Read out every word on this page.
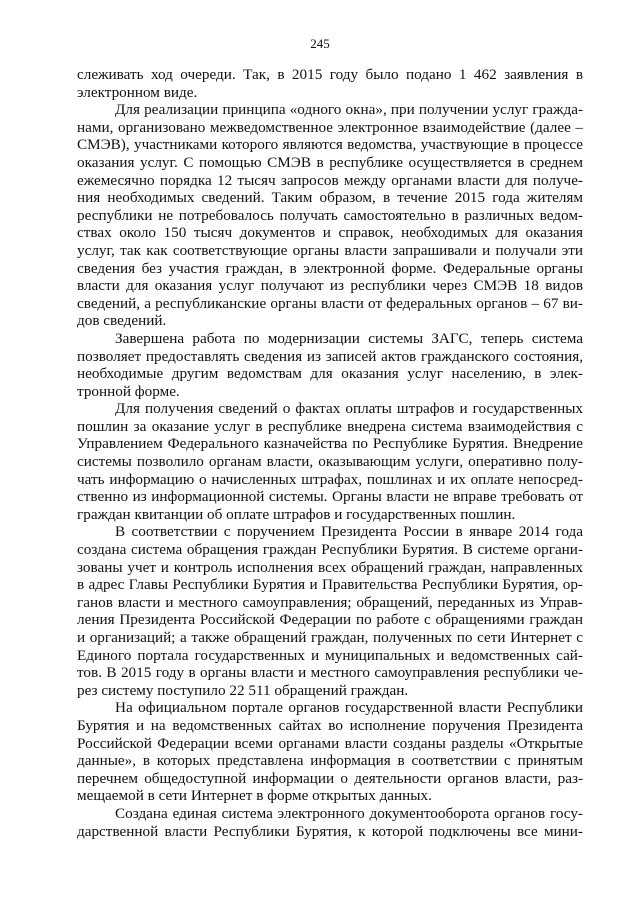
245
слеживать ход очереди. Так, в 2015 году было подано 1 462 заявления в
электронном виде.
Для реализации принципа «одного окна», при получении услуг гражда-
нами, организовано межведомственное электронное взаимодействие (далее –
СМЭВ), участниками которого являются ведомства, участвующие в процессе
оказания услуг. С помощью СМЭВ в республике осуществляется в среднем
ежемесячно порядка 12 тысяч запросов между органами власти для получе-
ния необходимых сведений. Таким образом, в течение 2015 года жителям
республики не потребовалось получать самостоятельно в различных ведом-
ствах около 150 тысяч документов и справок, необходимых для оказания
услуг, так как соответствующие органы власти запрашивали и получали эти
сведения без участия граждан, в электронной форме. Федеральные органы
власти для оказания услуг получают из республики через СМЭВ 18 видов
сведений, а республиканские органы власти от федеральных органов – 67 ви-
дов сведений.
Завершена работа по модернизации системы ЗАГС, теперь система
позволяет предоставлять сведения из записей актов гражданского состояния,
необходимые другим ведомствам для оказания услуг населению, в элек-
тронной форме.
Для получения сведений о фактах оплаты штрафов и государственных
пошлин за оказание услуг в республике внедрена система взаимодействия с
Управлением Федерального казначейства по Республике Бурятия. Внедрение
системы позволило органам власти, оказывающим услуги, оперативно полу-
чать информацию о начисленных штрафах, пошлинах и их оплате непосред-
ственно из информационной системы. Органы власти не вправе требовать от
граждан квитанции об оплате штрафов и государственных пошлин.
В соответствии с поручением Президента России в январе 2014 года
создана система обращения граждан Республики Бурятия. В системе органи-
зованы учет и контроль исполнения всех обращений граждан, направленных
в адрес Главы Республики Бурятия и Правительства Республики Бурятия, ор-
ганов власти и местного самоуправления; обращений, переданных из Управ-
ления Президента Российской Федерации по работе с обращениями граждан
и организаций; а также обращений граждан, полученных по сети Интернет с
Единого портала государственных и муниципальных и ведомственных сай-
тов. В 2015 году в органы власти и местного самоуправления республики че-
рез систему поступило 22 511 обращений граждан.
На официальном портале органов государственной власти Республики
Бурятия и на ведомственных сайтах во исполнение поручения Президента
Российской Федерации всеми органами власти созданы разделы «Открытые
данные», в которых представлена информация в соответствии с принятым
перечнем общедоступной информации о деятельности органов власти, раз-
мещаемой в сети Интернет в форме открытых данных.
Создана единая система электронного документооборота органов госу-
дарственной власти Республики Бурятия, к которой подключены все мини-
